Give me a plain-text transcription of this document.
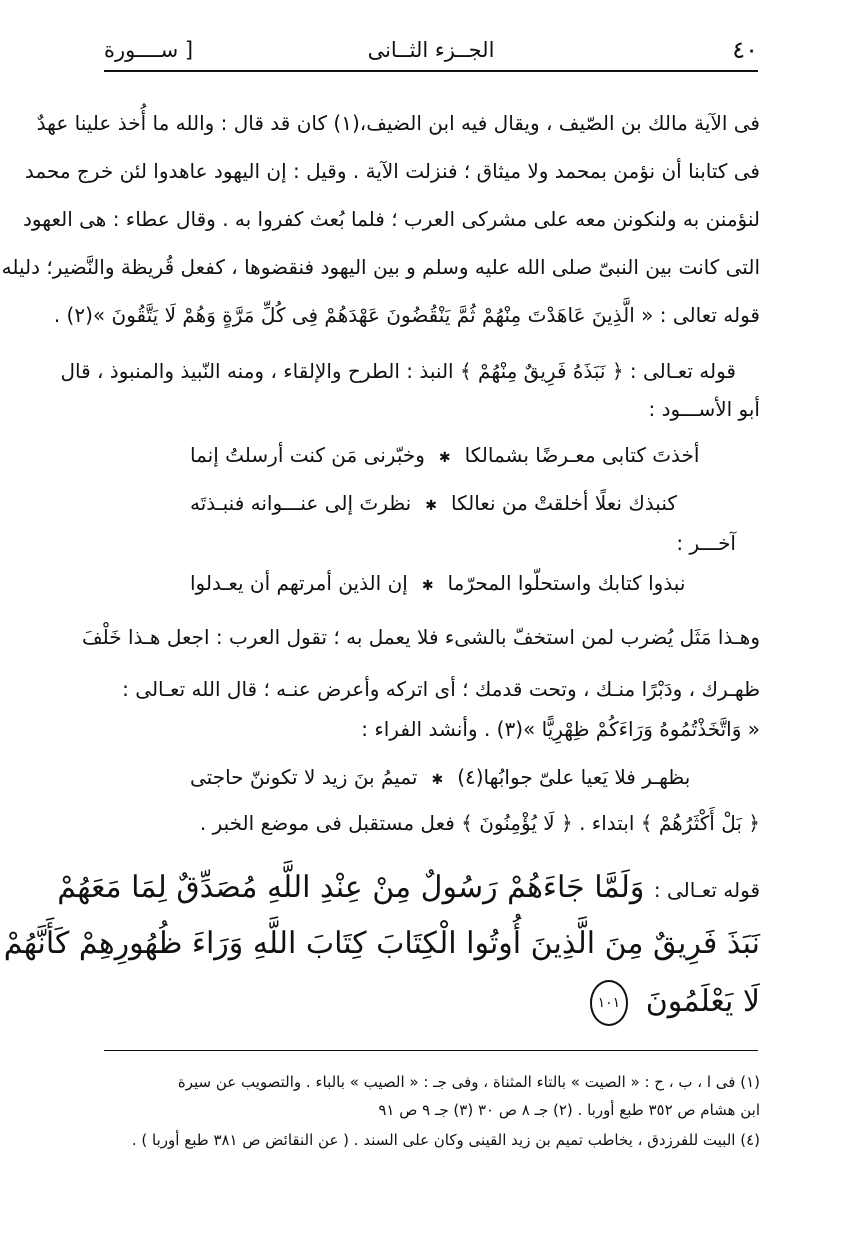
٤٠
الجــزء الثــانى
[ ســــورة
فى الآية مالك بن الصّيف ، ويقال فيه ابن الضيف،(١) كان قد قال : والله ما أُخذ علينا عهدٌ
فى كتابنا أن نؤمن بمحمد ولا ميثاق ؛ فنزلت الآية . وقيل : إن اليهود عاهدوا لئن خرج محمد
لنؤمنن به ولنكونن معه على مشركى العرب ؛ فلما بُعث كفروا به . وقال عطاء : هى العهود
التى كانت بين النبىّ صلى الله عليه وسلم و بين اليهود فنقضوها ، كفعل قُريظة والنَّضير؛ دليله
قوله تعالى : « الَّذِينَ عَاهَدْتَ مِنْهُمْ ثُمَّ يَنْقُضُونَ عَهْدَهُمْ فِى كُلِّ مَرَّةٍ وَهُمْ لَا يَتَّقُونَ »(٢) .
قوله تعـالى : ﴿ نَبَذَهُ فَرِيقٌ مِنْهُمْ ﴾ النبذ : الطرح والإلقاء ، ومنه النّبيذ والمنبوذ ، قال
أبو الأســـود :
وخبّرنى مَن كنت أرسلتُ إنما ✱ أخذتَ كتابى معـرضًا بشمالكا
نظرتَ إلى عنـــوانه فنبـذتَه ✱ كنبذك نعلًا أخلقتْ من نعالكا
آخـــر :
إن الذين أمرتهم أن يعـدلوا ✱ نبذوا كتابك واستحلّوا المحرّما
وهـذا مَثَل يُضرب لمن استخفّ بالشىء فلا يعمل به ؛ تقول العرب : اجعل هـذا خَلْفَ
ظهـرك ، ودَبْرًا منـك ، وتحت قدمك ؛ أى اتركه وأعرض عنـه ؛ قال الله تعـالى :
« وَاتَّخَذْتُمُوهُ وَرَاءَكُمْ ظِهْرِيًّا »(٣) . وأنشد الفراء :
تميمُ بنَ زيد لا تكوننّ حاجتى ✱ بظهـر فلا يَعيا علىّ جوابُها(٤)
﴿ بَلْ أَكْثَرُهُمْ ﴾ ابتداء . ﴿ لَا يُؤْمِنُونَ ﴾ فعل مستقبل فى موضع الخبر .
قوله تعـالى : وَلَمَّا جَاءَهُمْ رَسُولٌ مِنْ عِنْدِ اللَّهِ مُصَدِّقٌ لِمَا مَعَهُمْ
نَبَذَ فَرِيقٌ مِنَ الَّذِينَ أُوتُوا الْكِتَابَ كِتَابَ اللَّهِ وَرَاءَ ظُهُورِهِمْ كَأَنَّهُمْ
لَا يَعْلَمُونَ ١٠١
(١) فى ا ، ب ، ح : « الصيت » بالتاء المثناة ، وفى جـ : « الصيب » بالباء . والتصويب عن سيرة
ابن هشام ص ٣٥٢ طبع أوربا . (٢) جـ ٨ ص ٣٠ (٣) جـ ٩ ص ٩١
(٤) البيت للفرزدق ، يخاطب تميم بن زيد القينى وكان على السند . ( عن النقائض ص ٣٨١ طبع أوربا ) .
